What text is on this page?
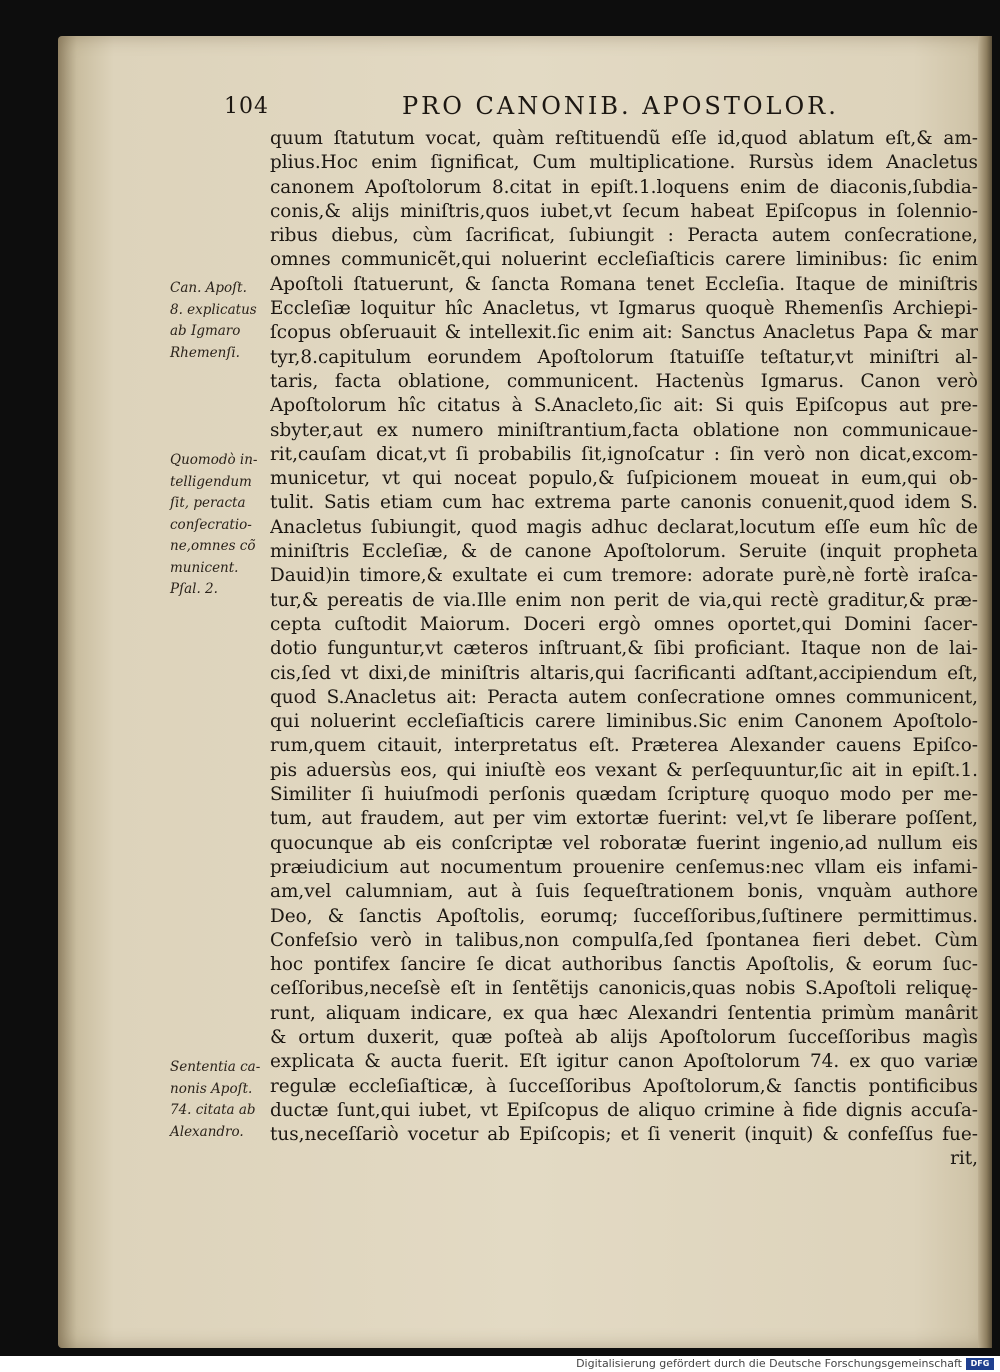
104	PRO CANONIB. APOSTOLOR.
quum ſtatutum vocat, quàm reſtituendũ eſſe id,quod ablatum eſt,& am-
plius.Hoc enim ſignificat, Cum multiplicatione. Rursùs idem Anacletus
canonem Apoſtolorum 8.citat in epiſt.1.loquens enim de diaconis,ſubdia-
conis,& alijs miniſtris,quos iubet,vt ſecum habeat Epiſcopus in ſolennio-
ribus diebus, cùm ſacrificat, ſubiungit : Peracta autem conſecratione,
omnes communicẽt,qui noluerint eccleſiaſticis carere liminibus: ſic enim
Apoſtoli ſtatuerunt, & ſancta Romana tenet Eccleſia. Itaque de miniſtris
Eccleſiæ loquitur hîc Anacletus, vt Igmarus quoquè Rhemenſis Archiepi-
ſcopus obſeruauit & intellexit.ſic enim ait: Sanctus Anacletus Papa & mar
tyr,8.capitulum eorundem Apoſtolorum ſtatuiſſe teſtatur,vt miniſtri al-
taris, facta oblatione, communicent. Hactenùs Igmarus. Canon verò
Apoſtolorum hîc citatus à S.Anacleto,ſic ait: Si quis Epiſcopus aut pre-
sbyter,aut ex numero miniſtrantium,facta oblatione non communicaue-
rit,cauſam dicat,vt ſi probabilis ſit,ignoſcatur : ſin verò non dicat,excom-
municetur, vt qui noceat populo,& ſuſpicionem moueat in eum,qui ob-
tulit. Satis etiam cum hac extrema parte canonis conuenit,quod idem S.
Anacletus ſubiungit, quod magis adhuc declarat,locutum eſſe eum hîc de
miniſtris Eccleſiæ, & de canone Apoſtolorum. Seruite (inquit propheta
Dauid)in timore,& exultate ei cum tremore: adorate purè,nè fortè iraſca-
tur,& pereatis de via.Ille enim non perit de via,qui rectè graditur,& præ-
cepta cuſtodit Maiorum. Doceri ergò omnes oportet,qui Domini ſacer-
dotio funguntur,vt cæteros inſtruant,& ſibi proficiant. Itaque non de lai-
cis,ſed vt dixi,de miniſtris altaris,qui ſacrificanti adſtant,accipiendum eſt,
quod S.Anacletus ait: Peracta autem conſecratione omnes communicent,
qui noluerint eccleſiaſticis carere liminibus.Sic enim Canonem Apoſtolo-
rum,quem citauit, interpretatus eſt. Præterea Alexander cauens Epiſco-
pis aduersùs eos, qui iniuſtè eos vexant & perſequuntur,ſic ait in epiſt.1.
Similiter ſi huiuſmodi perſonis quædam ſcripturę quoquo modo per me-
tum, aut fraudem, aut per vim extortæ fuerint: vel,vt ſe liberare poſſent,
quocunque ab eis conſcriptæ vel roboratæ fuerint ingenio,ad nullum eis
præiudicium aut nocumentum prouenire cenſemus:nec vllam eis infami-
am,vel calumniam, aut à ſuis ſequeſtrationem bonis, vnquàm authore
Deo, & ſanctis Apoſtolis, eorumq; ſucceſſoribus,ſuſtinere permittimus.
Confeſsio verò in talibus,non compulſa,ſed ſpontanea fieri debet. Cùm
hoc pontifex ſancire ſe dicat authoribus ſanctis Apoſtolis, & eorum ſuc-
ceſſoribus,neceſsè eſt in ſentẽtijs canonicis,quas nobis S.Apoſtoli reliquę-
runt, aliquam indicare, ex qua hæc Alexandri ſententia primùm manârit
& ortum duxerit, quæ poſteà ab alijs Apoſtolorum ſucceſſoribus magìs
explicata & aucta fuerit. Eſt igitur canon Apoſtolorum 74. ex quo variæ
regulæ eccleſiaſticæ, à ſucceſſoribus Apoſtolorum,& ſanctis pontificibus
ductæ ſunt,qui iubet, vt Epiſcopus de aliquo crimine à fide dignis accuſa-
tus,neceſſariò vocetur ab Epiſcopis; et ſi venerit (inquit) & confeſſus fue-
rit,
Can. Apoſt.
8. explicatus
ab Igmaro
Rhemenſi.
Quomodò in-
telligendum
ſit, peracta
conſecratio-
ne,omnes cõ
municent.
Pſal. 2.
Sententia ca-
nonis Apoſt.
74. citata ab
Alexandro.
Digitalisierung gefördert durch die Deutsche Forschungsgemeinschaft	DFG
